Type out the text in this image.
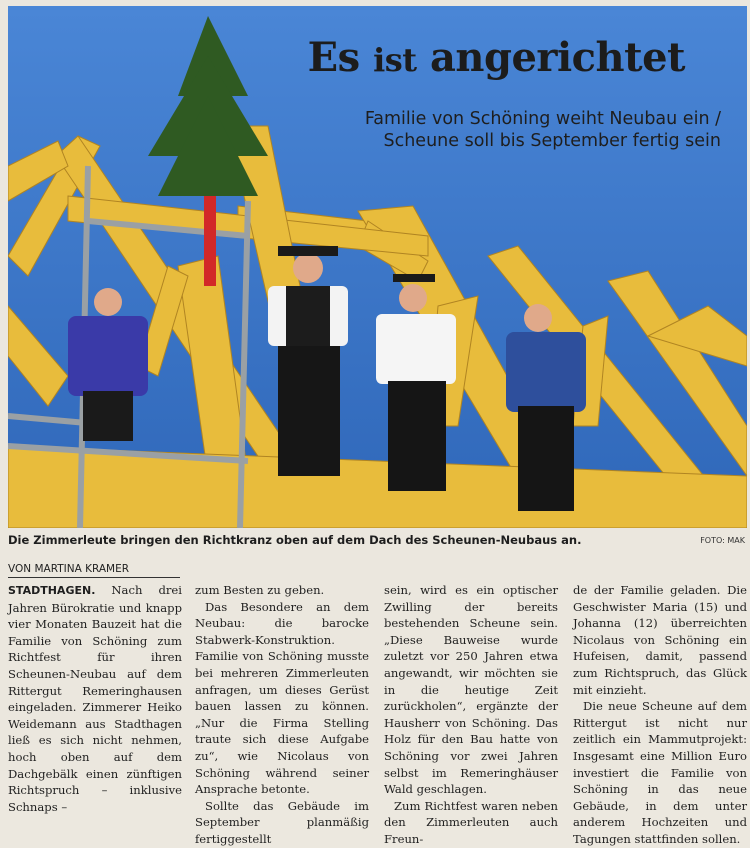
Es ist angerichtet
Familie von Schöning weiht Neubau ein / Scheune soll bis September fertig sein
Die Zimmerleute bringen den Richtkranz oben auf dem Dach des Scheunen-Neubaus an.	FOTO: MAK
VON MARTINA KRAMER

STADTHAGEN. Nach drei Jahren Bürokratie und knapp vier Monaten Bauzeit hat die Familie von Schöning zum Richtfest für ihren Scheunen-Neubau auf dem Rittergut Remeringhausen eingeladen. Zimmerer Heiko Weidemann aus Stadthagen ließ es sich nicht nehmen, hoch oben auf dem Dachgebälk einen zünftigen Richtspruch – inklusive Schnaps –

zum Besten zu geben.

Das Besondere an dem Neubau: die barocke Stabwerk-Konstruktion. Familie von Schöning musste bei mehreren Zimmerleuten anfragen, um dieses Gerüst bauen lassen zu können. „Nur die Firma Stelling traute sich diese Aufgabe zu“, wie Nicolaus von Schöning während seiner Ansprache betonte.

Sollte das Gebäude im September planmäßig fertiggestellt

sein, wird es ein optischer Zwilling der bereits bestehenden Scheune sein. „Diese Bauweise wurde zuletzt vor 250 Jahren etwa angewandt, wir möchten sie in die heutige Zeit zurückholen“, ergänzte der Hausherr von Schöning. Das Holz für den Bau hatte von Schöning vor zwei Jahren selbst im Remeringhäuser Wald geschlagen.

Zum Richtfest waren neben den Zimmerleuten auch Freun-

de der Familie geladen. Die Geschwister Maria (15) und Johanna (12) überreichten Nicolaus von Schöning ein Hufeisen, damit, passend zum Richtspruch, das Glück mit einzieht.

Die neue Scheune auf dem Rittergut ist nicht nur zeitlich ein Mammutprojekt: Insgesamt eine Million Euro investiert die Familie von Schöning in das neue Gebäude, in dem unter anderem Hochzeiten und Tagungen stattfinden sollen.
